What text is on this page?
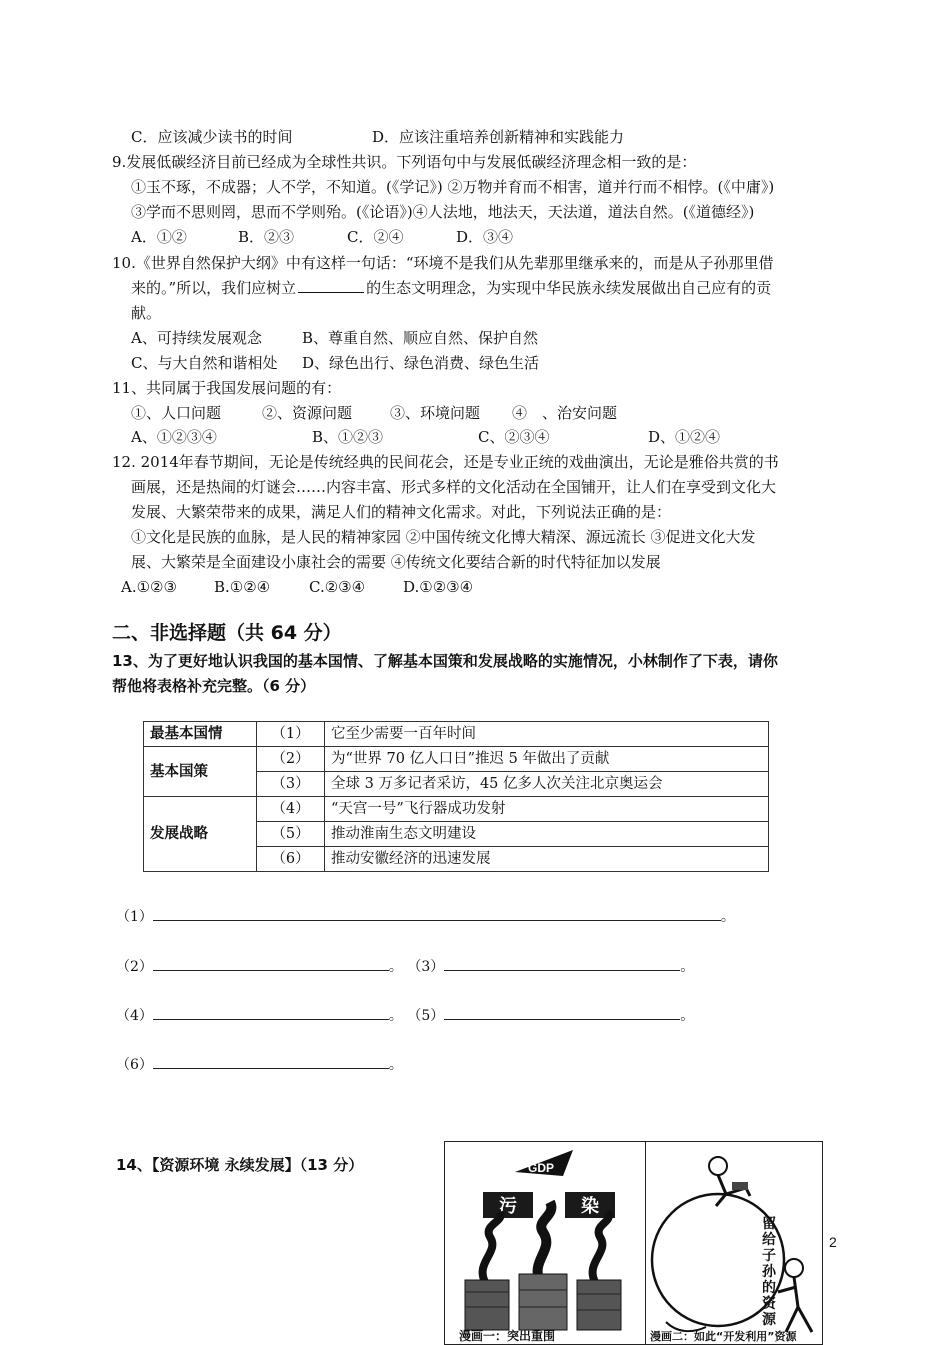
C．应该减少读书的时间	D．应该注重培养创新精神和实践能力
9.发展低碳经济目前已经成为全球性共识。下列语句中与发展低碳经济理念相一致的是：
①玉不琢，不成器；人不学，不知道。(《学记》) ②万物并育而不相害，道并行而不相悖。(《中庸》)
③学而不思则罔，思而不学则殆。(《论语》)④人法地，地法天，天法道，道法自然。(《道德经》)
A．①②	B．②③	C．②④	D．③④
10.《世界自然保护大纲》中有这样一句话：“环境不是我们从先辈那里继承来的，而是从子孙那里借
来的。”所以，我们应树立	的生态文明理念，为实现中华民族永续发展做出自己应有的贡
献。
A、可持续发展观念	B、尊重自然、顺应自然、保护自然
C、与大自然和谐相处 D、绿色出行、绿色消费、绿色生活
11、共同属于我国发展问题的有：
①、人口问题	②、资源问题	③、环境问题 ④　、治安问题
A、①②③④	B、①②③	C、②③④	D、①②④
12. 2014年春节期间，无论是传统经典的民间花会，还是专业正统的戏曲演出，无论是雅俗共赏的书
画展，还是热闹的灯谜会……内容丰富、形式多样的文化活动在全国铺开，让人们在享受到文化大
发展、大繁荣带来的成果，满足人们的精神文化需求。对此，下列说法正确的是：
①文化是民族的血脉，是人民的精神家园 ②中国传统文化博大精深、源远流长 ③促进文化大发
展、大繁荣是全面建设小康社会的需要 ④传统文化要结合新的时代特征加以发展
A.①②③ B.①②④	C.②③④	D.①②③④
二、非选择题（共 64 分）
13、为了更好地认识我国的基本国情、了解基本国策和发展战略的实施情况，小林制作了下表，请你
帮他将表格补充完整。（6 分）
最基本国情	（1）	它至少需要一百年时间
基本国策	（2）	为“世界 70 亿人口日”推迟 5 年做出了贡献
	（3）	全球 3 万多记者采访，45 亿多人次关注北京奥运会
发展战略	（4）	“天宫一号”飞行器成功发射
	（5）	推动淮南生态文明建设
	（6）	推动安徽经济的迅速发展
（1）	。
（2）	。 （3）	。
（4）	。 （5）	。
（6）	。
14、【资源环境 永续发展】（13 分）	GDP
污	染
漫画一：突出重围
留给子孙的资源
漫画二：如此“开发利用”资源
2
